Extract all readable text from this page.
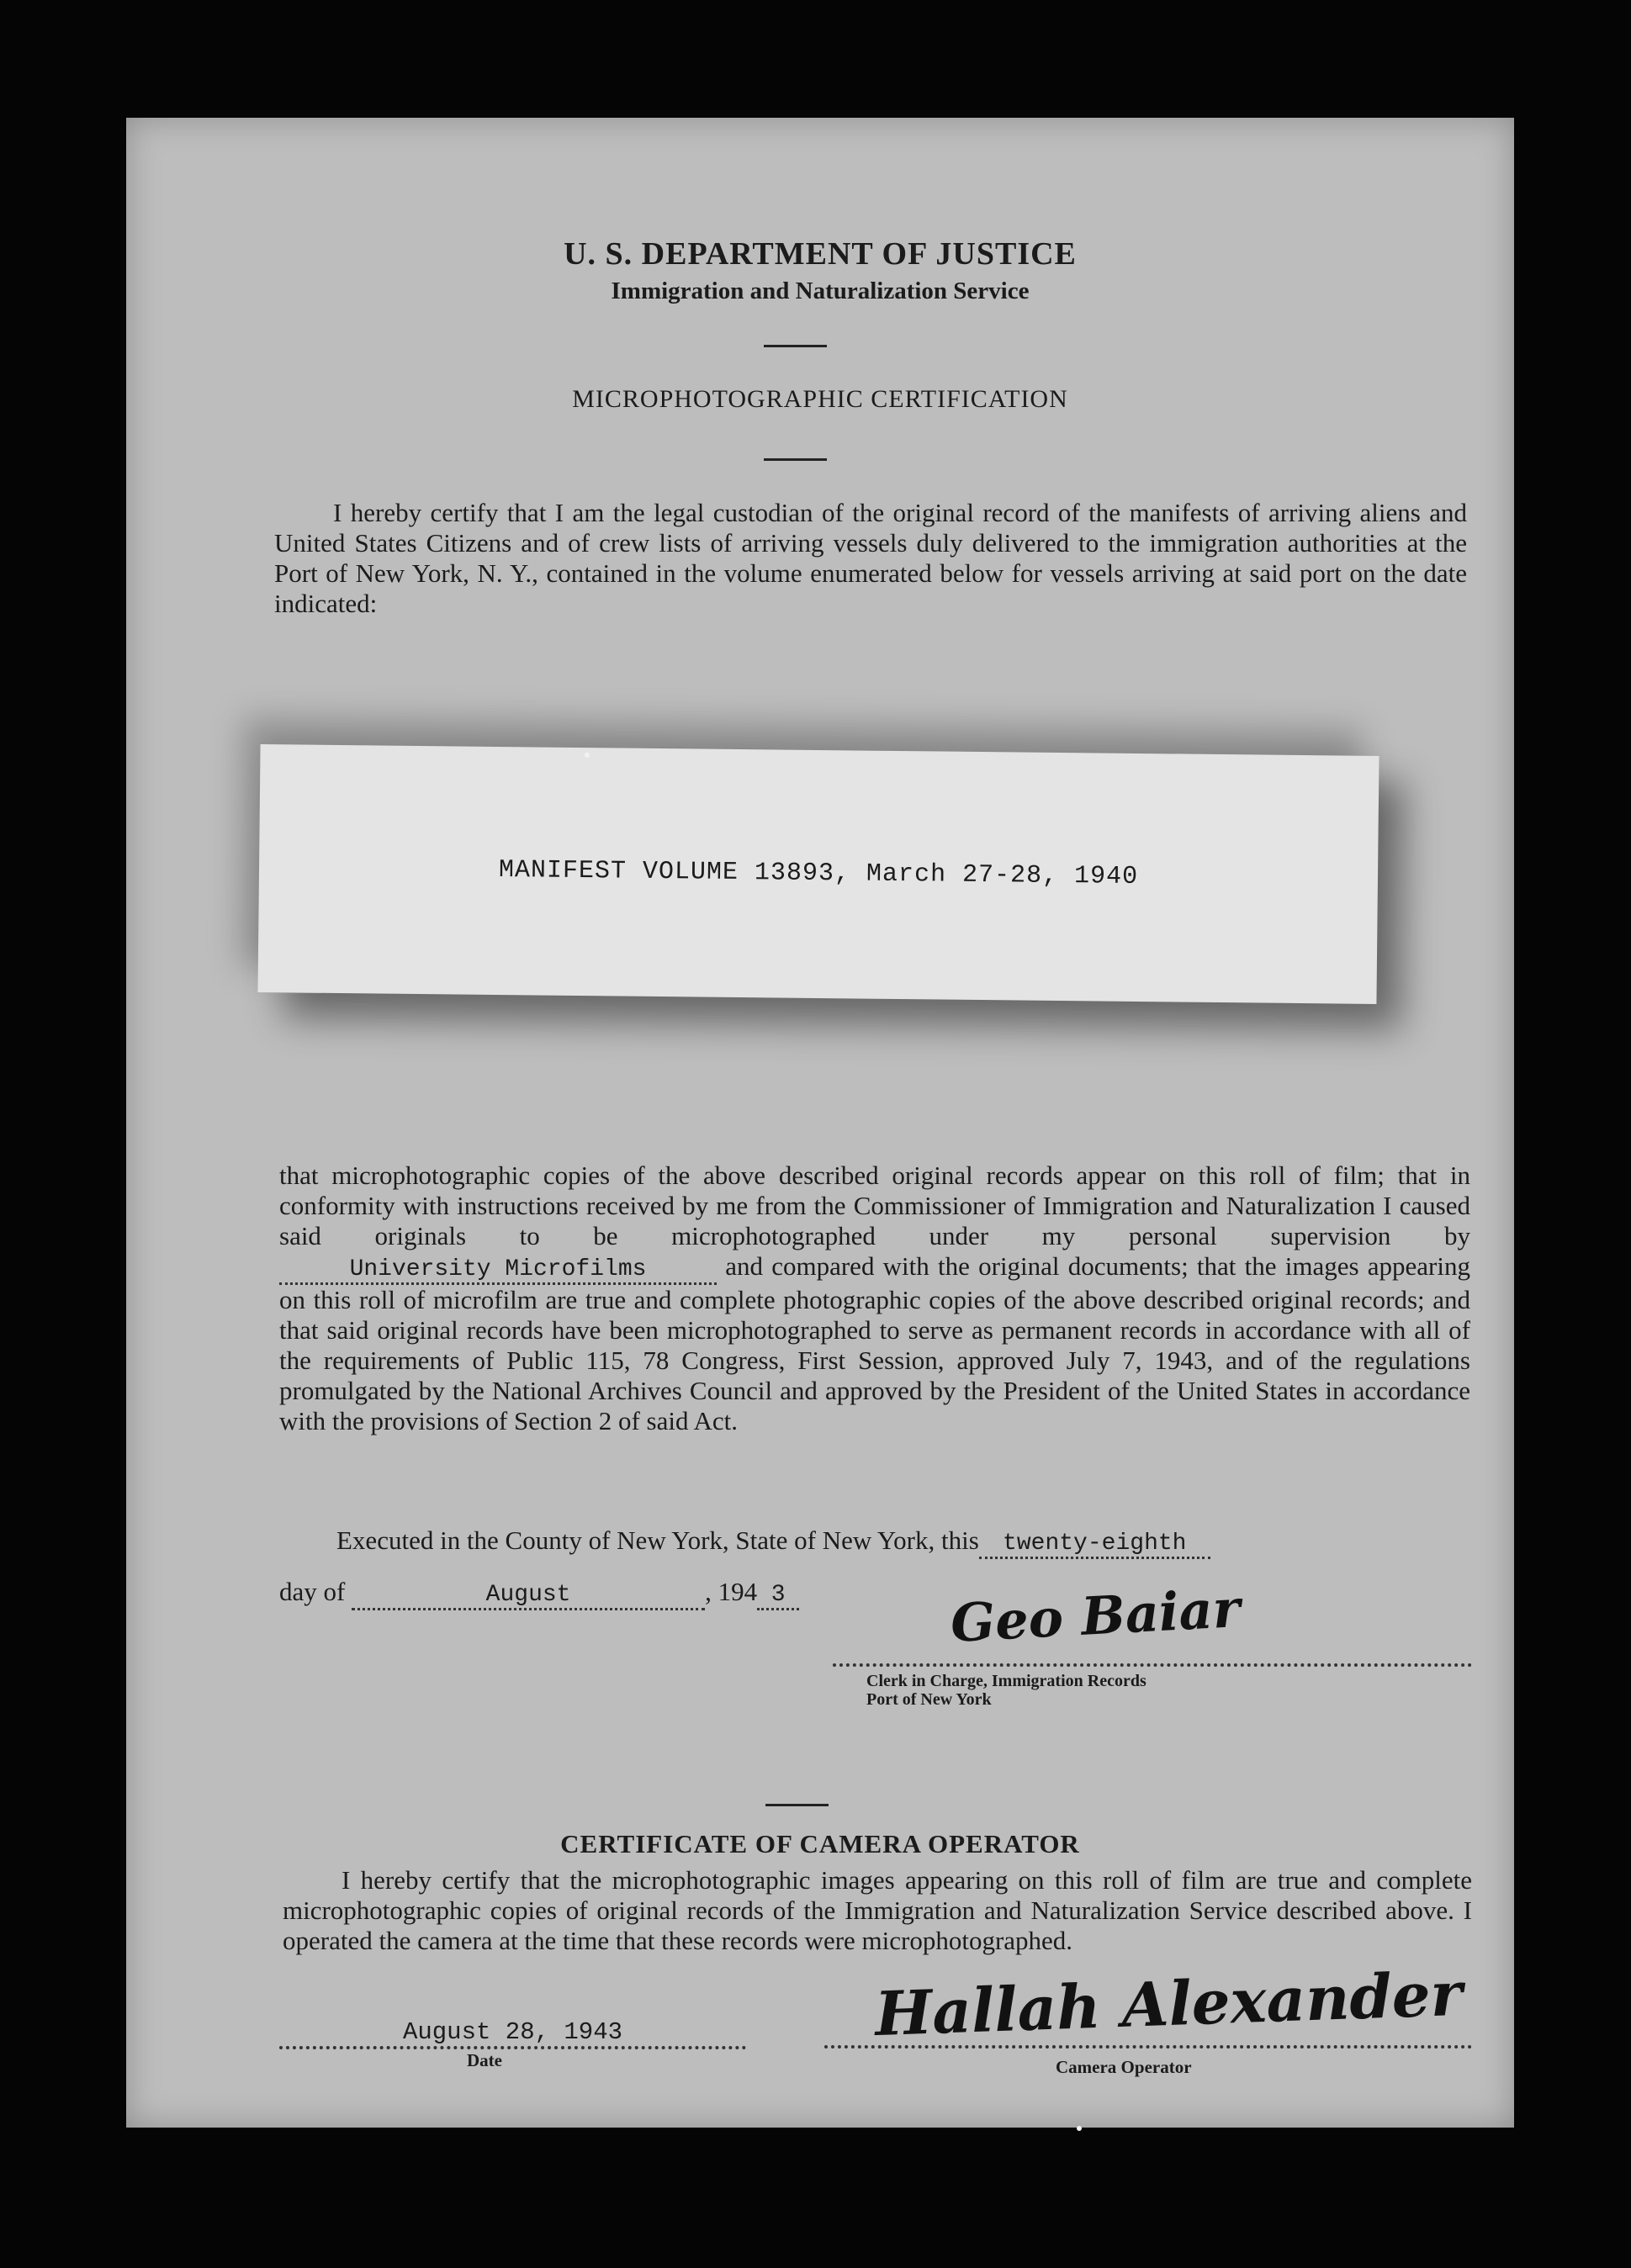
U. S. DEPARTMENT OF JUSTICE
Immigration and Naturalization Service
MICROPHOTOGRAPHIC CERTIFICATION

I hereby certify that I am the legal custodian of the original record of the manifests of arriving aliens and United States Citizens and of crew lists of arriving vessels duly delivered to the immigration authorities at the Port of New York, N. Y., contained in the volume enumerated below for vessels arriving at said port on the date indicated:

MANIFEST VOLUME 13893, March 27-28, 1940

that microphotographic copies of the above described original records appear on this roll of film; that in conformity with instructions received by me from the Commissioner of Immigration and Naturalization I caused said originals to be microphotographed under my personal supervision by University Microfilms	and compared with the original documents; that the images appearing on this roll of microfilm are true and complete photographic copies of the above described original records; and that said original records have been microphotographed to serve as permanent records in accordance with all of the requirements of Public 115, 78 Congress, First Session, approved July 7, 1943, and of the regulations promulgated by the National Archives Council and approved by the President of the United States in accordance with the provisions of Section 2 of said Act.

Executed in the County of New York, State of New York, this twenty-eighth
day of	August	, 194 3	Geo Baiar
Clerk in Charge, Immigration Records
Port of New York
CERTIFICATE OF CAMERA OPERATOR

I hereby certify that the microphotographic images appearing on this roll of film are true and complete microphotographic copies of original records of the Immigration and Naturalization Service described above. I operated the camera at the time that these records were microphotographed.

August 28, 1943
Date
Hallah Alexander
Camera Operator
